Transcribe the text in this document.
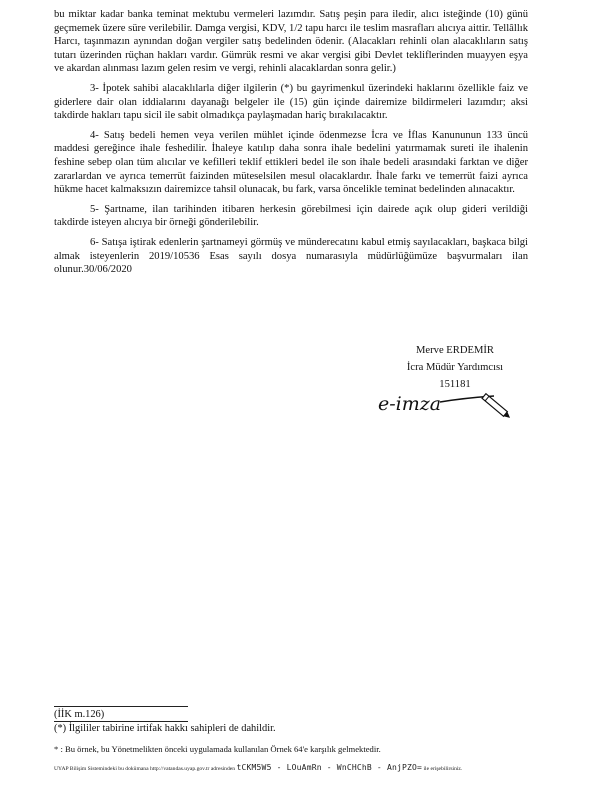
bu miktar kadar banka teminat mektubu vermeleri lazımdır. Satış peşin para iledir, alıcı isteğinde (10) günü geçmemek üzere süre verilebilir. Damga vergisi, KDV, 1/2 tapu harcı ile teslim masrafları alıcıya aittir. Tellâllık Harcı, taşınmazın aynından doğan vergiler satış bedelinden ödenir. (Alacakları rehinli olan alacaklıların satış tutarı üzerinden rüçhan hakları vardır. Gümrük resmi ve akar vergisi gibi Devlet tekliflerinden muayyen eşya ve akardan alınması lazım gelen resim ve vergi, rehinli alacaklardan sonra gelir.)

3- İpotek sahibi alacaklılarla diğer ilgilerin (*) bu gayrimenkul üzerindeki haklarını özellikle faiz ve giderlere dair olan iddialarını dayanağı belgeler ile (15) gün içinde dairemize bildirmeleri lazımdır; aksi takdirde hakları tapu sicil ile sabit olmadıkça paylaşmadan hariç bırakılacaktır.

4- Satış bedeli hemen veya verilen mühlet içinde ödenmezse İcra ve İflas Kanununun 133 üncü maddesi gereğince ihale feshedilir. İhaleye katılıp daha sonra ihale bedelini yatırmamak sureti ile ihalenin feshine sebep olan tüm alıcılar ve kefilleri teklif ettikleri bedel ile son ihale bedeli arasındaki farktan ve diğer zararlardan ve ayrıca temerrüt faizinden müteselsilen mesul olacaklardır. İhale farkı ve temerrüt faizi ayrıca hükme hacet kalmaksızın dairemizce tahsil olunacak, bu fark, varsa öncelikle teminat bedelinden alınacaktır.

5- Şartname, ilan tarihinden itibaren herkesin görebilmesi için dairede açık olup gideri verildiği takdirde isteyen alıcıya bir örneği gönderilebilir.

6- Satışa iştirak edenlerin şartnameyi görmüş ve münderecatını kabul etmiş sayılacakları, başkaca bilgi almak isteyenlerin 2019/10536 Esas sayılı dosya numarasıyla müdürlüğümüze başvurmaları ilan olunur.30/06/2020

Merve ERDEMİR
İcra Müdür Yardımcısı
151181
e-imza
(İİK m.126)
(*) İlgililer tabirine irtifak hakkı sahipleri de dahildir.
* : Bu örnek, bu Yönetmelikten önceki uygulamada kullanılan Örnek 64'e karşılık gelmektedir.
UYAP Bilişim Sistemindeki bu dokümana http://vatandas.uyap.gov.tr adresinden tCKM5W5 - LOuAmRn - WnCHChB - AnjPZO= ile erişebilirsiniz.
